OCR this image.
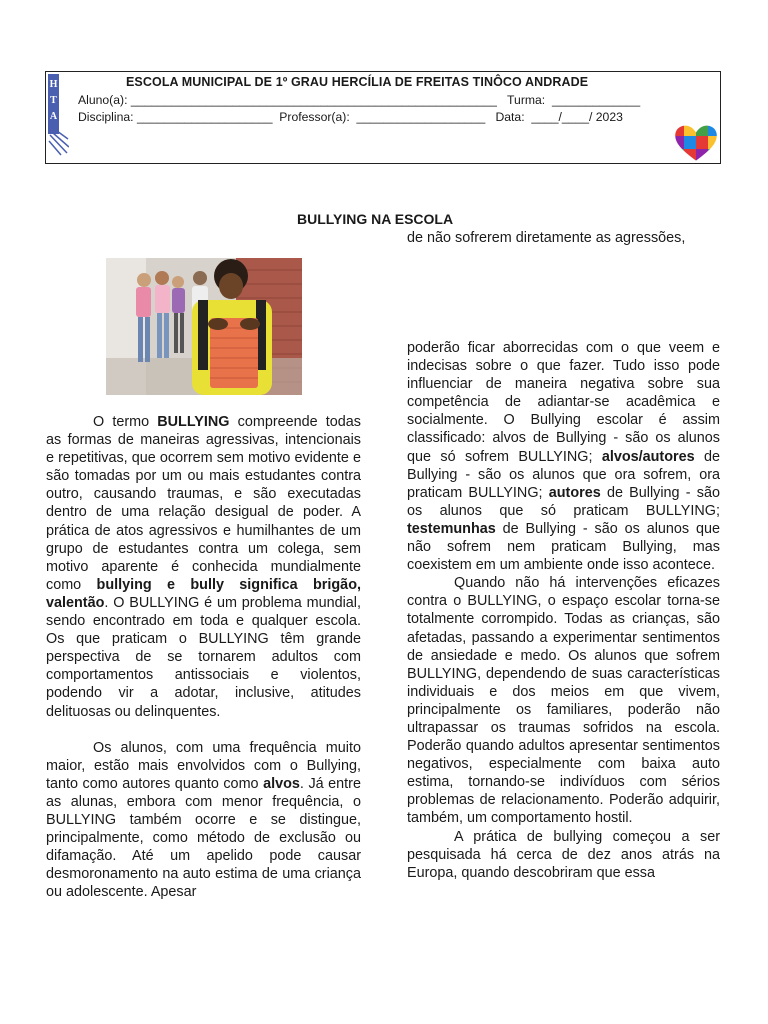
H
T
A
ESCOLA MUNICIPAL DE 1º GRAU HERCÍLIA DE FREITAS TINÔCO ANDRADE
Aluno(a): ______________________________________________________ Turma: _____________
Disciplina: ____________________ Professor(a): ___________________ Data: ____/____/ 2023
BULLYING NA ESCOLA

O termo BULLYING compreende todas as formas de maneiras agressivas, intencionais e repetitivas, que ocorrem sem motivo evidente e são tomadas por um ou mais estudantes contra outro, causando traumas, e são executadas dentro de uma relação desigual de poder. A prática de atos agressivos e humilhantes de um grupo de estudantes contra um colega, sem motivo aparente é conhecida mundialmente como bullying e bully significa brigão, valentão. O BULLYING é um problema mundial, sendo encontrado em toda e qualquer escola. Os que praticam o BULLYING têm grande perspectiva de se tornarem adultos com comportamentos antissociais e violentos, podendo vir a adotar, inclusive, atitudes delituosas ou delinquentes.

Os alunos, com uma frequência muito maior, estão mais envolvidos com o Bullying, tanto como autores quanto como alvos. Já entre as alunas, embora com menor frequência, o BULLYING também ocorre e se distingue, principalmente, como método de exclusão ou difamação. Até um apelido pode causar desmoronamento na auto estima de uma criança ou adolescente. Apesar

de não sofrerem diretamente as agressões,

poderão ficar aborrecidas com o que veem e indecisas sobre o que fazer. Tudo isso pode influenciar de maneira negativa sobre sua competência de adiantar-se acadêmica e socialmente. O Bullying escolar é assim classificado: alvos de Bullying - são os alunos que só sofrem BULLYING; alvos/autores de Bullying - são os alunos que ora sofrem, ora praticam BULLYING; autores de Bullying - são os alunos que só praticam BULLYING; testemunhas de Bullying - são os alunos que não sofrem nem praticam Bullying, mas coexistem em um ambiente onde isso acontece.

Quando não há intervenções eficazes contra o BULLYING, o espaço escolar torna-se totalmente corrompido. Todas as crianças, são afetadas, passando a experimentar sentimentos de ansiedade e medo. Os alunos que sofrem BULLYING, dependendo de suas características individuais e dos meios em que vivem, principalmente os familiares, poderão não ultrapassar os traumas sofridos na escola. Poderão quando adultos apresentar sentimentos negativos, especialmente com baixa auto estima, tornando-se indivíduos com sérios problemas de relacionamento. Poderão adquirir, também, um comportamento hostil.

A prática de bullying começou a ser pesquisada há cerca de dez anos atrás na Europa, quando descobriram que essa
